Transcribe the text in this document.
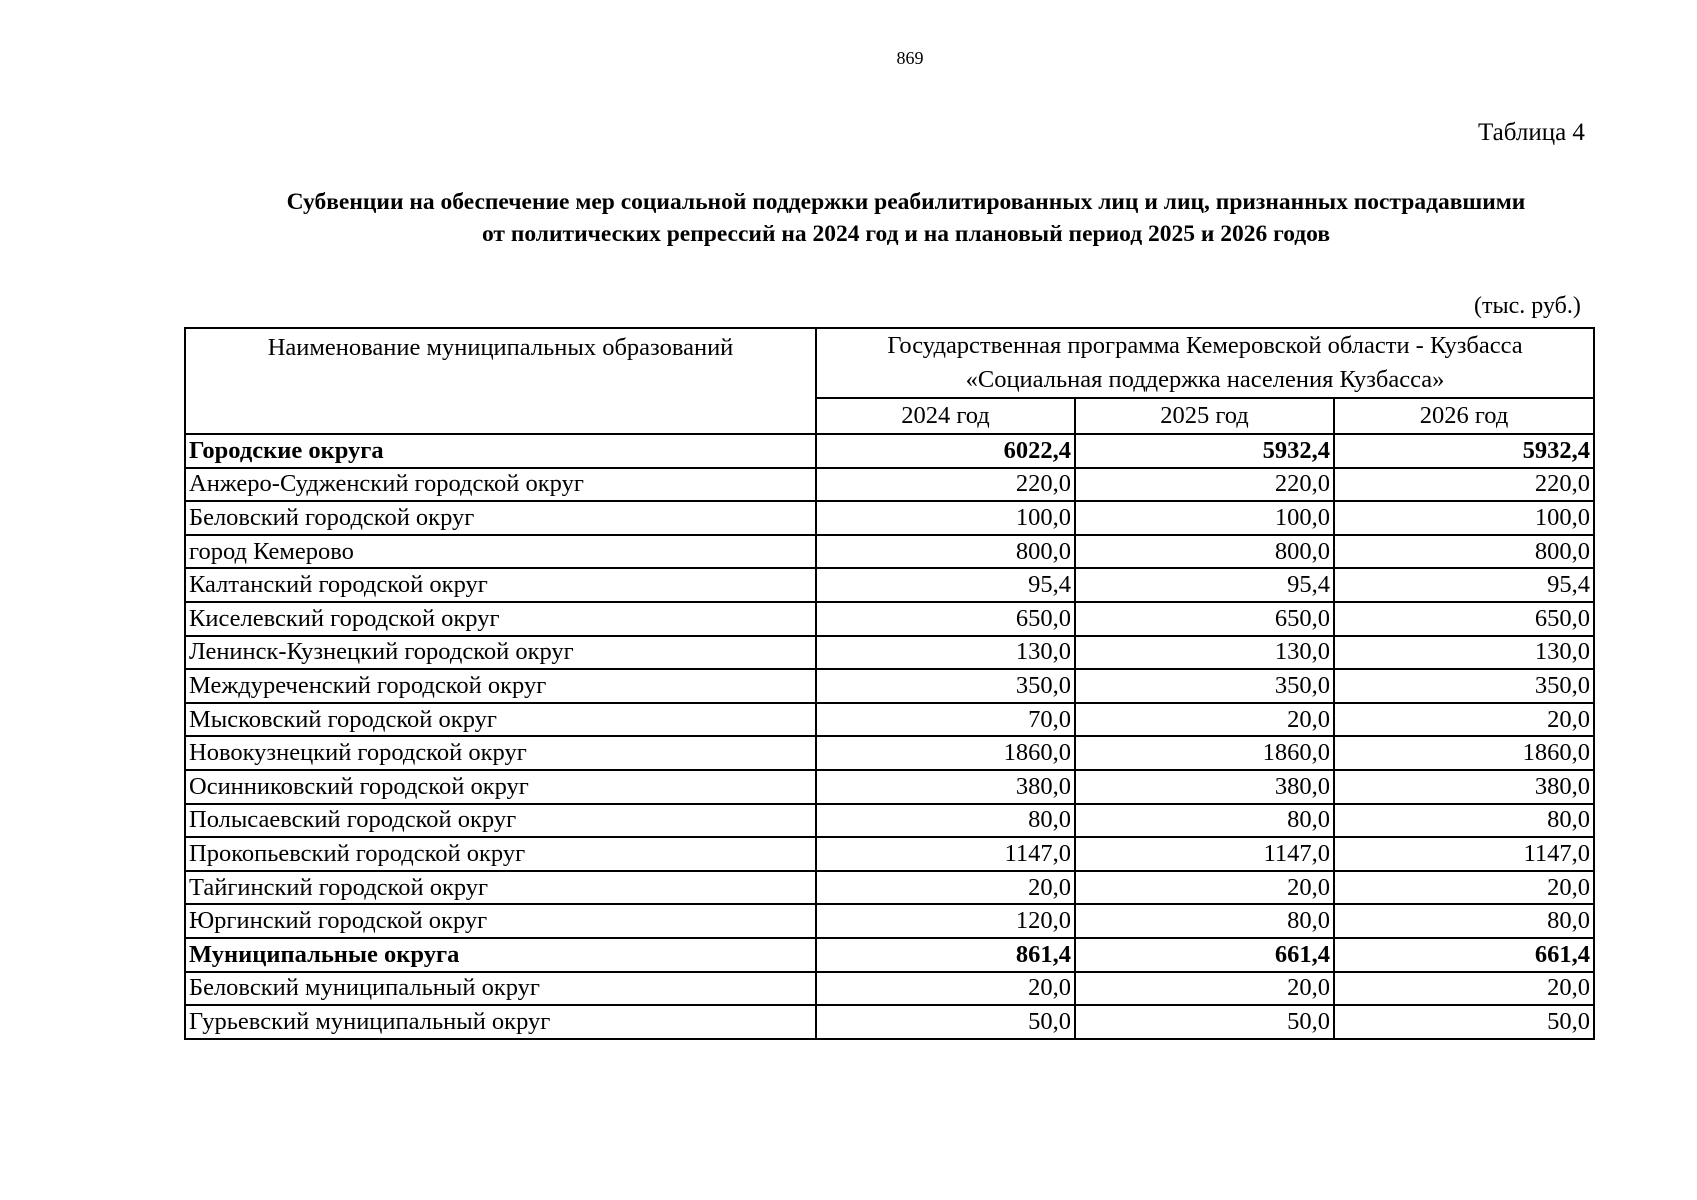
869
Таблица 4
Субвенции на обеспечение мер социальной поддержки реабилитированных лиц и лиц, признанных пострадавшими
от политических репрессий на 2024 год и на плановый период 2025 и 2026 годов
(тыс. руб.)
Наименование муниципальных образований	Государственная программа Кемеровской области - Кузбасса
«Социальная поддержка населения Кузбасса»		

	2024 год	2025 год	2026 год
Городские округа	6022,4	5932,4	5932,4
Анжеро-Судженский городской округ	220,0	220,0	220,0
Беловский городской округ	100,0	100,0	100,0
город Кемерово	800,0	800,0	800,0
Калтанский городской округ	95,4	95,4	95,4
Киселевский городской округ	650,0	650,0	650,0
Ленинск-Кузнецкий городской округ	130,0	130,0	130,0
Междуреченский городской округ	350,0	350,0	350,0
Мысковский городской округ	70,0	20,0	20,0
Новокузнецкий городской округ	1860,0	1860,0	1860,0
Осинниковский городской округ	380,0	380,0	380,0
Полысаевский городской округ	80,0	80,0	80,0
Прокопьевский городской округ	1147,0	1147,0	1147,0
Тайгинский городской округ	20,0	20,0	20,0
Юргинский городской округ	120,0	80,0	80,0
Муниципальные округа	861,4	661,4	661,4
Беловский муниципальный округ	20,0	20,0	20,0
Гурьевский муниципальный округ	50,0	50,0	50,0
